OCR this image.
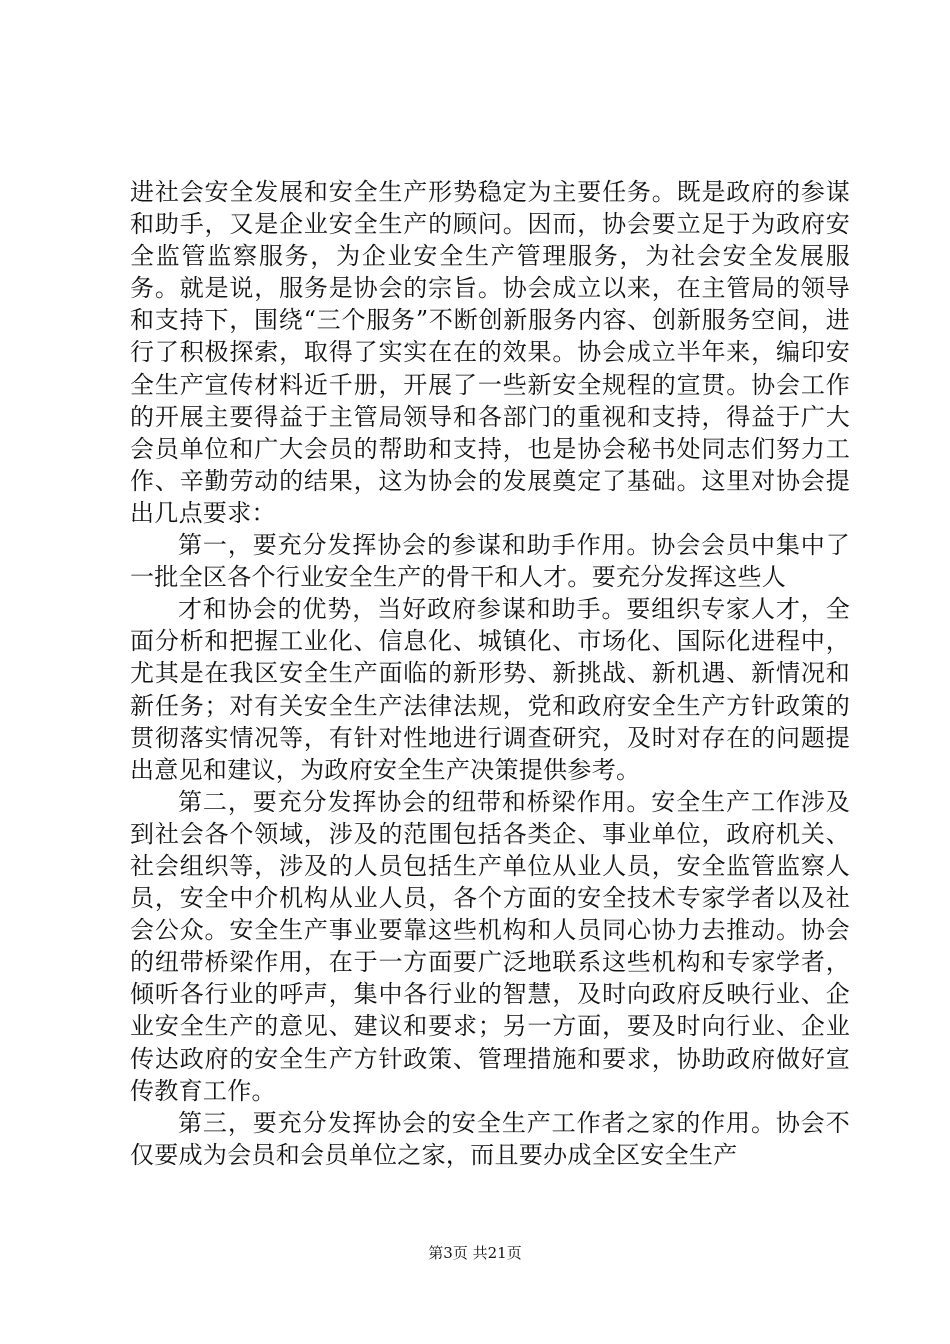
进社会安全发展和安全生产形势稳定为主要任务。既是政府的参谋和助手，又是企业安全生产的顾问。因而，协会要立足于为政府安全监管监察服务，为企业安全生产管理服务，为社会安全发展服务。就是说，服务是协会的宗旨。协会成立以来，在主管局的领导和支持下，围绕“三个服务”不断创新服务内容、创新服务空间，进行了积极探索，取得了实实在在的效果。协会成立半年来，编印安全生产宣传材料近千册，开展了一些新安全规程的宣贯。协会工作的开展主要得益于主管局领导和各部门的重视和支持，得益于广大会员单位和广大会员的帮助和支持，也是协会秘书处同志们努力工作、辛勤劳动的结果，这为协会的发展奠定了基础。这里对协会提出几点要求：

第一，要充分发挥协会的参谋和助手作用。协会会员中集中了一批全区各个行业安全生产的骨干和人才。要充分发挥这些人

才和协会的优势，当好政府参谋和助手。要组织专家人才，全面分析和把握工业化、信息化、城镇化、市场化、国际化进程中，尤其是在我区安全生产面临的新形势、新挑战、新机遇、新情况和新任务；对有关安全生产法律法规，党和政府安全生产方针政策的贯彻落实情况等，有针对性地进行调查研究，及时对存在的问题提出意见和建议，为政府安全生产决策提供参考。

第二，要充分发挥协会的纽带和桥梁作用。安全生产工作涉及到社会各个领域，涉及的范围包括各类企、事业单位，政府机关、社会组织等，涉及的人员包括生产单位从业人员，安全监管监察人员，安全中介机构从业人员，各个方面的安全技术专家学者以及社会公众。安全生产事业要靠这些机构和人员同心协力去推动。协会的纽带桥梁作用，在于一方面要广泛地联系这些机构和专家学者，倾听各行业的呼声，集中各行业的智慧，及时向政府反映行业、企业安全生产的意见、建议和要求；另一方面，要及时向行业、企业传达政府的安全生产方针政策、管理措施和要求，协助政府做好宣传教育工作。

第三，要充分发挥协会的安全生产工作者之家的作用。协会不仅要成为会员和会员单位之家，而且要办成全区安全生产

第3页 共21页
